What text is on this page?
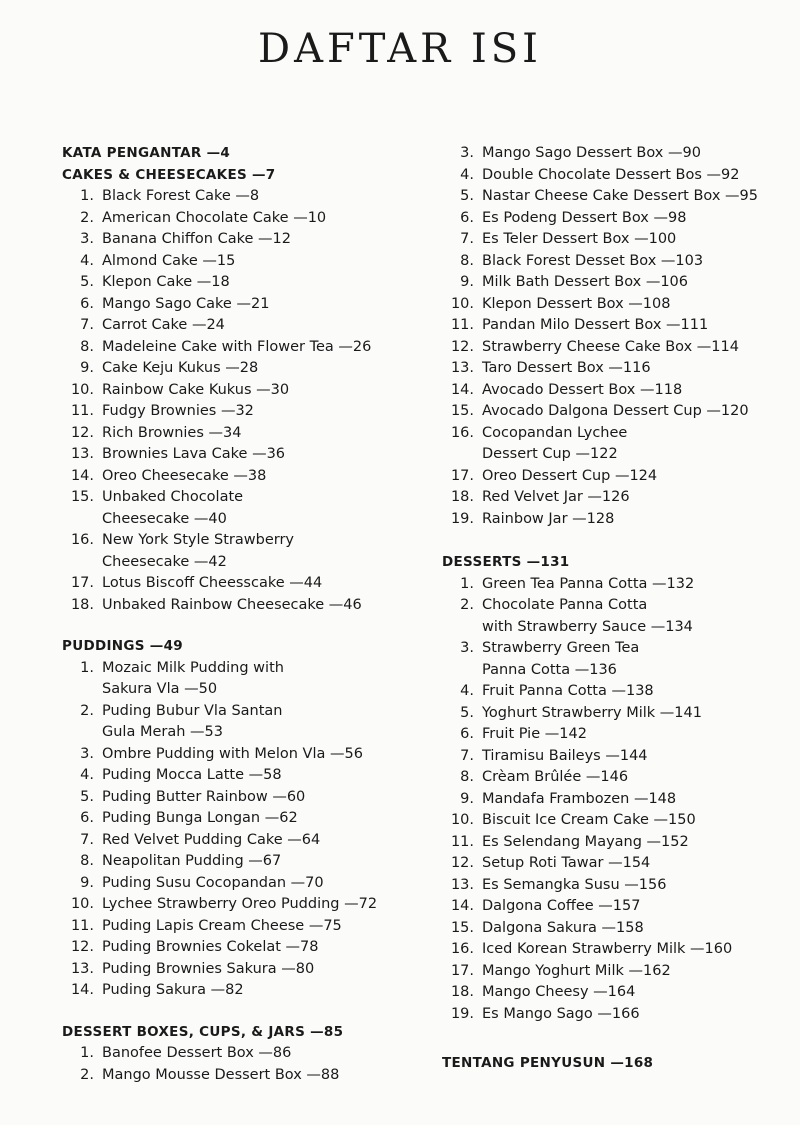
DAFTAR ISI
KATA PENGANTAR —4
CAKES & CHEESECAKES —7
1. Black Forest Cake —8
2. American Chocolate Cake —10
3. Banana Chiffon Cake —12
4. Almond Cake —15
5. Klepon Cake —18
6. Mango Sago Cake —21
7. Carrot Cake —24
8. Madeleine Cake with Flower Tea —26
9. Cake Keju Kukus —28
10. Rainbow Cake Kukus —30
11. Fudgy Brownies —32
12. Rich Brownies —34
13. Brownies Lava Cake —36
14. Oreo Cheesecake —38
15. Unbaked Chocolate
Cheesecake —40
16. New York Style Strawberry
Cheesecake —42
17. Lotus Biscoff Cheesscake —44
18. Unbaked Rainbow Cheesecake —46
PUDDINGS —49
1. Mozaic Milk Pudding with
Sakura Vla —50
2. Puding Bubur Vla Santan
Gula Merah —53
3. Ombre Pudding with Melon Vla —56
4. Puding Mocca Latte —58
5. Puding Butter Rainbow —60
6. Puding Bunga Longan —62
7. Red Velvet Pudding Cake —64
8. Neapolitan Pudding —67
9. Puding Susu Cocopandan —70
10. Lychee Strawberry Oreo Pudding —72
11. Puding Lapis Cream Cheese —75
12. Puding Brownies Cokelat —78
13. Puding Brownies Sakura —80
14. Puding Sakura —82
DESSERT BOXES, CUPS, & JARS —85
1. Banofee Dessert Box —86
2. Mango Mousse Dessert Box —88
3. Mango Sago Dessert Box —90
4. Double Chocolate Dessert Bos —92
5. Nastar Cheese Cake Dessert Box —95
6. Es Podeng Dessert Box —98
7. Es Teler Dessert Box —100
8. Black Forest Desset Box —103
9. Milk Bath Dessert Box —106
10. Klepon Dessert Box —108
11. Pandan Milo Dessert Box —111
12. Strawberry Cheese Cake Box —114
13. Taro Dessert Box —116
14. Avocado Dessert Box —118
15. Avocado Dalgona Dessert Cup —120
16. Cocopandan Lychee
Dessert Cup —122
17. Oreo Dessert Cup —124
18. Red Velvet Jar —126
19. Rainbow Jar —128
DESSERTS —131
1. Green Tea Panna Cotta —132
2. Chocolate Panna Cotta
with Strawberry Sauce —134
3. Strawberry Green Tea
Panna Cotta —136
4. Fruit Panna Cotta —138
5. Yoghurt Strawberry Milk —141
6. Fruit Pie —142
7. Tiramisu Baileys —144
8. Crèam Brûlée —146
9. Mandafa Frambozen —148
10. Biscuit Ice Cream Cake —150
11. Es Selendang Mayang —152
12. Setup Roti Tawar —154
13. Es Semangka Susu —156
14. Dalgona Coffee —157
15. Dalgona Sakura —158
16. Iced Korean Strawberry Milk —160
17. Mango Yoghurt Milk —162
18. Mango Cheesy —164
19. Es Mango Sago —166
TENTANG PENYUSUN —168
